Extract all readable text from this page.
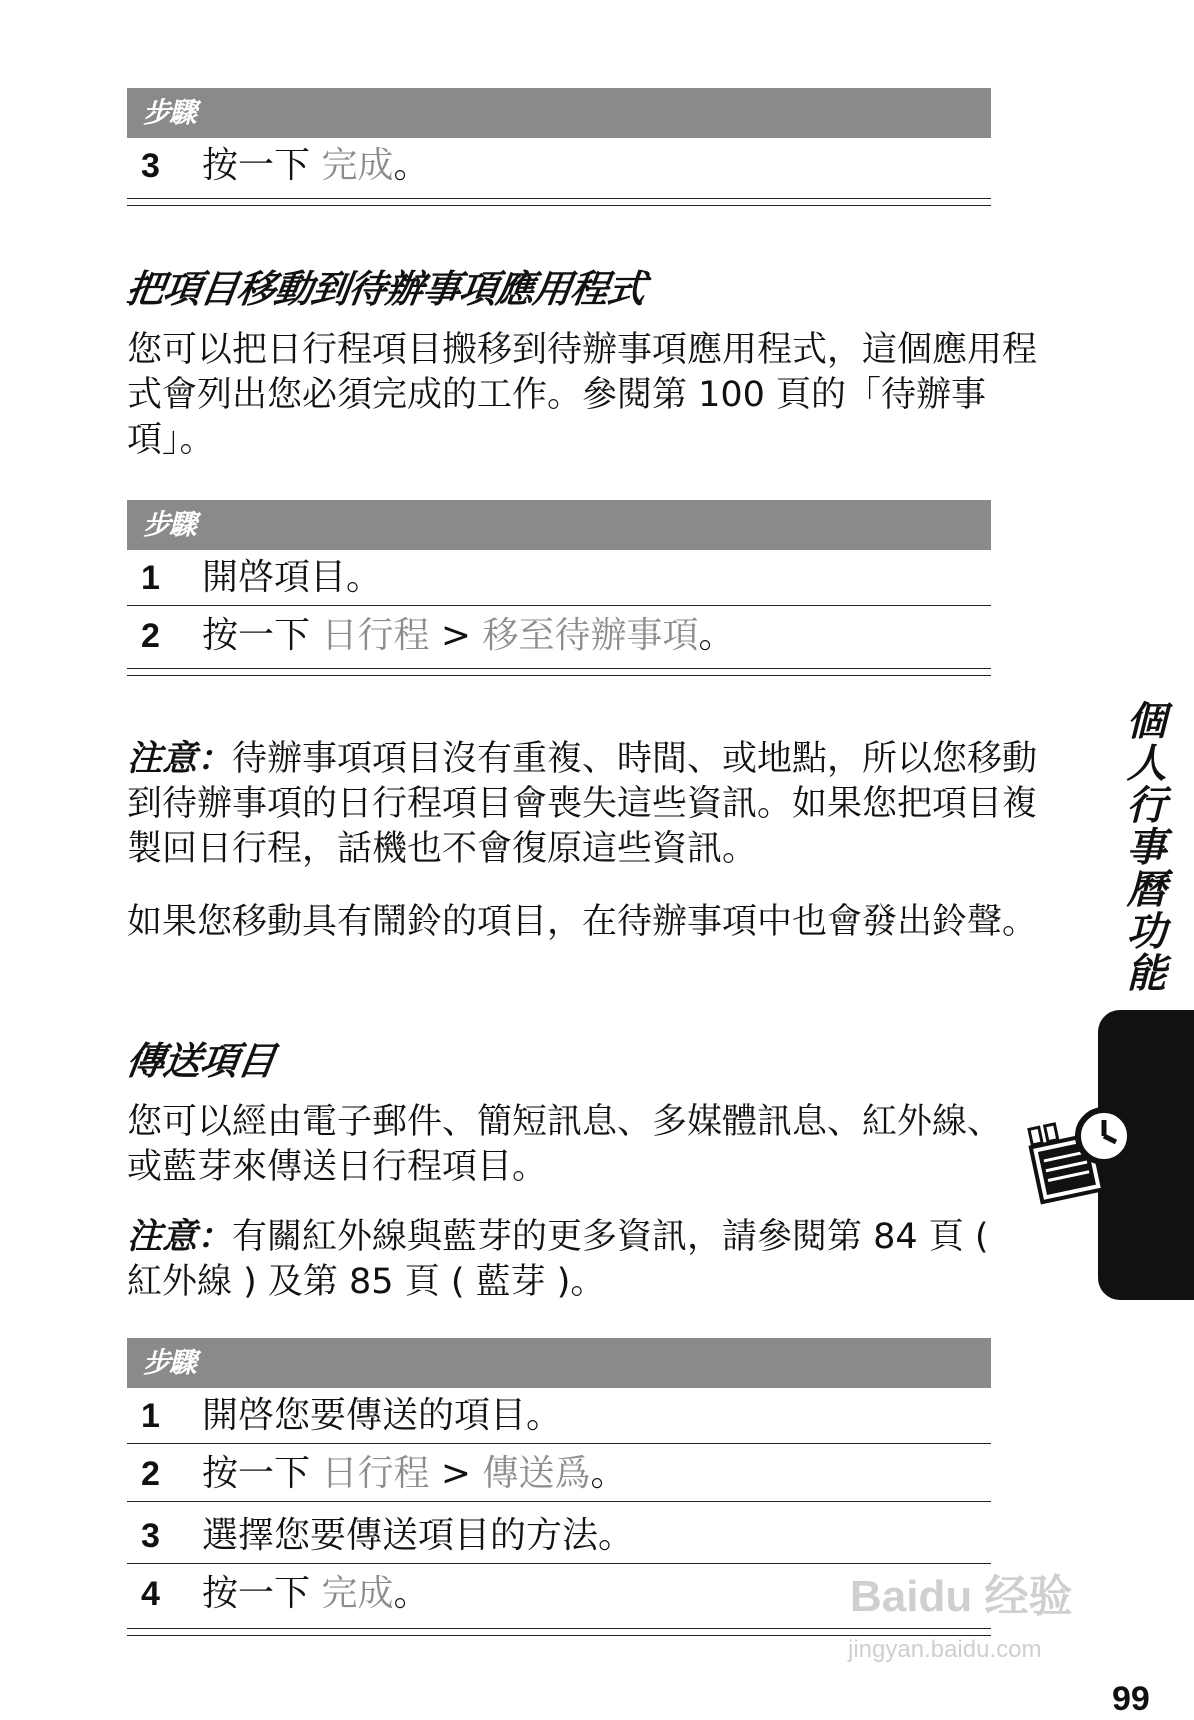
步驟
3 按一下 完成。
把項目移動到待辦事項應用程式
您可以把日行程項目搬移到待辦事項應用程式，這個應用程式會列出您必須完成的工作。參閱第 100 頁的「待辦事項」。
步驟
1 開啓項目。
2 按一下 日行程 > 移至待辦事項。
注意：待辦事項項目沒有重複、時間、或地點，所以您移動到待辦事項的日行程項目會喪失這些資訊。如果您把項目複製回日行程，話機也不會復原這些資訊。
如果您移動具有鬧鈴的項目，在待辦事項中也會發出鈴聲。
傳送項目
您可以經由電子郵件、簡短訊息、多媒體訊息、紅外線、或藍芽來傳送日行程項目。
注意：有關紅外線與藍芽的更多資訊，請參閱第 84 頁 ( 紅外線 ) 及第 85 頁 ( 藍芽 )。
步驟
1 開啓您要傳送的項目。
2 按一下 日行程 > 傳送爲。
3 選擇您要傳送項目的方法。
4 按一下 完成。
個人行事曆功能
Baidu 经验
jingyan.baidu.com
99
